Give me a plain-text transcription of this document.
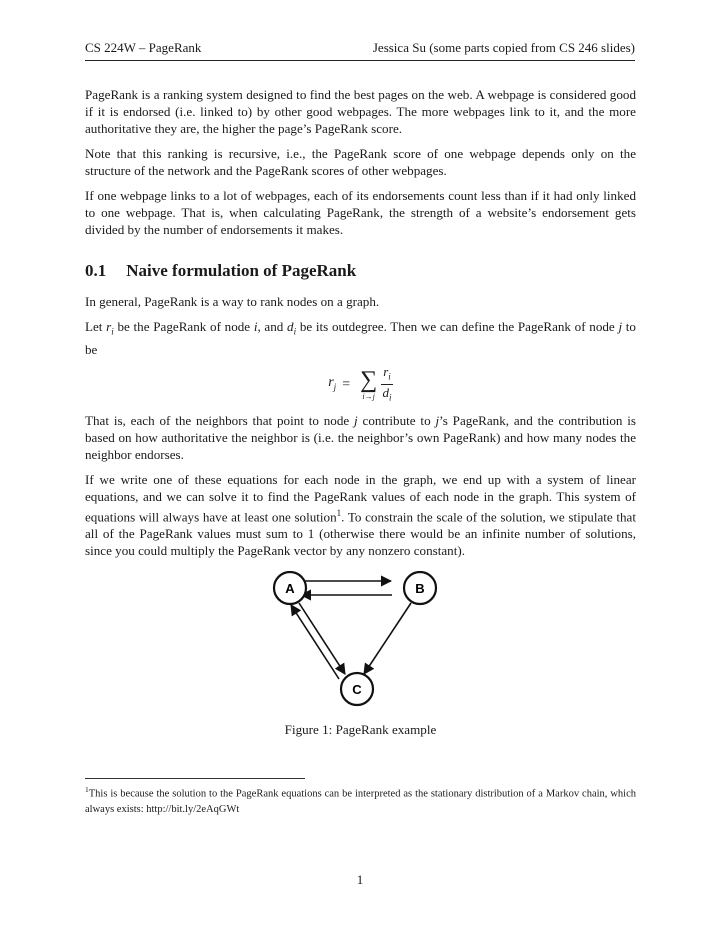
CS 224W – PageRank	Jessica Su (some parts copied from CS 246 slides)

PageRank is a ranking system designed to find the best pages on the web. A webpage is considered good if it is endorsed (i.e. linked to) by other good webpages. The more webpages link to it, and the more authoritative they are, the higher the page’s PageRank score.

Note that this ranking is recursive, i.e., the PageRank score of one webpage depends only on the structure of the network and the PageRank scores of other webpages.

If one webpage links to a lot of webpages, each of its endorsements count less than if it had only linked to one webpage. That is, when calculating PageRank, the strength of a website’s endorsement gets divided by the number of endorsements it makes.

0.1 Naive formulation of PageRank

In general, PageRank is a way to rank nodes on a graph.

Let $r_i$ be the PageRank of node i, and $d_i$ be its outdegree. Then we can define the PageRank of node j to be

$r_j$ = ∑
$i\to j \frac{r_i}{d_i}$

That is, each of the neighbors that point to node j contribute to j’s PageRank, and the contribution is based on how authoritative the neighbor is (i.e. the neighbor’s own PageRank) and how many nodes the neighbor endorses.

If we write one of these equations for each node in the graph, we end up with a system of linear equations, and we can solve it to find the PageRank values of each node in the graph. This system of equations will always have at least one solution$^1$. To constrain the scale of the solution, we stipulate that all of the PageRank values must sum to 1 (otherwise there would be an infinite number of solutions, since you could multiply the PageRank vector by any nonzero constant).

A	B
C
Figure 1: PageRank example
$^1$This is because the solution to the PageRank equations can be interpreted as the stationary distribution of a Markov chain, which always exists: http://bit.ly/2eAqGWt
1
